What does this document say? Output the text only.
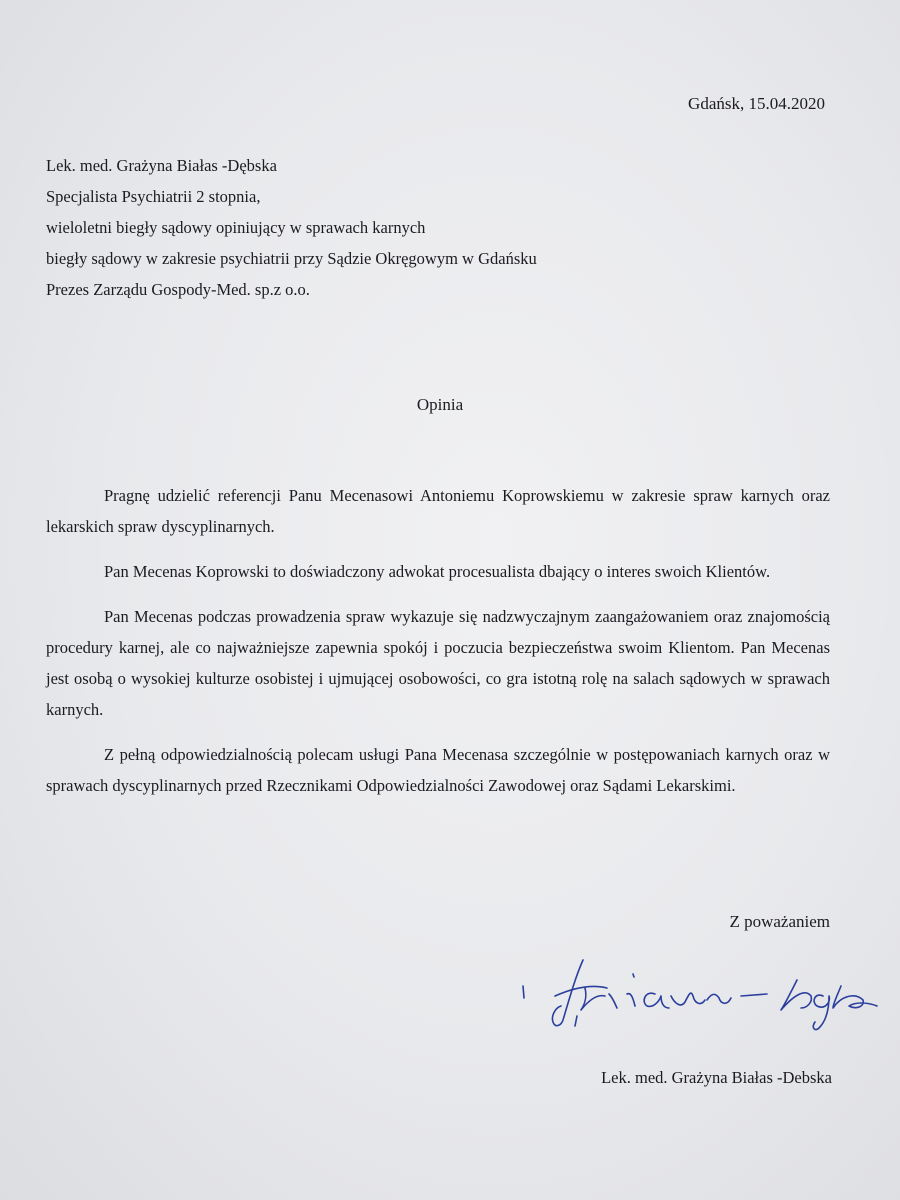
Gdańsk, 15.04.2020
Lek. med. Grażyna Białas -Dębska
Specjalista Psychiatrii 2 stopnia,
wieloletni biegły sądowy opiniujący w sprawach karnych
biegły sądowy w zakresie psychiatrii przy Sądzie Okręgowym w Gdańsku
Prezes Zarządu Gospody-Med. sp.z o.o.
Opinia

Pragnę udzielić referencji Panu Mecenasowi Antoniemu Koprowskiemu w zakresie spraw karnych oraz lekarskich spraw dyscyplinarnych.

Pan Mecenas Koprowski to doświadczony adwokat procesualista dbający o interes swoich Klientów.

Pan Mecenas podczas prowadzenia spraw wykazuje się nadzwyczajnym zaangażowaniem oraz znajomością procedury karnej, ale co najważniejsze zapewnia spokój i poczucia bezpieczeństwa swoim Klientom. Pan Mecenas jest osobą o wysokiej kulturze osobistej i ujmującej osobowości, co gra istotną rolę na salach sądowych w sprawach karnych.

Z pełną odpowiedzialnością polecam usługi Pana Mecenasa szczególnie w postępowaniach karnych oraz w sprawach dyscyplinarnych przed Rzecznikami Odpowiedzialności Zawodowej oraz Sądami Lekarskimi.

Z poważaniem
Lek. med. Grażyna Białas -Debska
